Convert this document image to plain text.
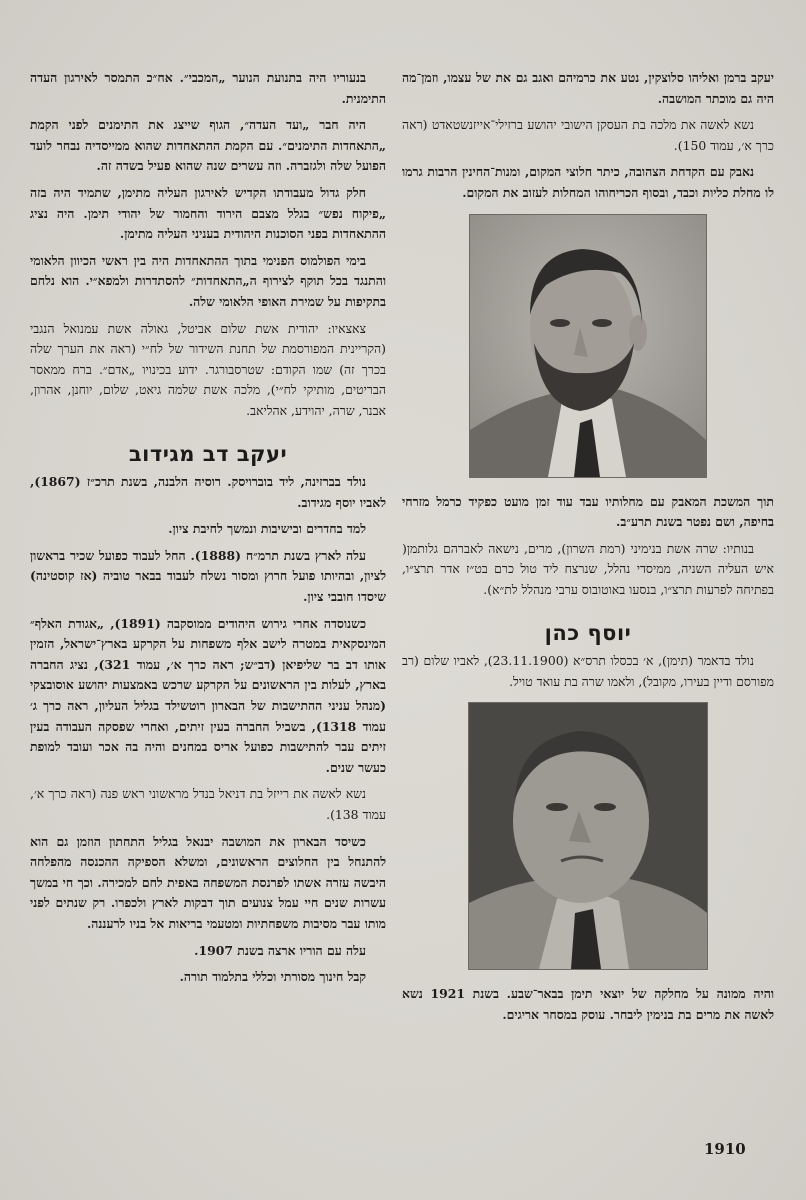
יעקב ברמן ואליהו סלוצקין, נטע את כרמיהם ואגב גם את של עצמו, וזמן־מה היה גם מוכתר המושבה.

נשא לאשה את מלכה בת העסקן הישובי יהושע ברזילי־אייזנשטאדט (ראה כרך א׳, עמוד 150).

נאבק עם הקדחת הצהובה, כיתר חלוצי המקום, ומנות־החינין הרבות גרמו לו מחלת כליות וכבד, ובסוף הכריחוהו המחלות לעזוב את המקום.

תוך המשכת המאבק עם מחלותיו עבד עוד זמן מועט כפקיד כרמל מזרחי בחיפה, ושם נפטר בשנת תרע״ב.

בנותיו: שרה אשת בנימיני (רמת השרון), מרים, נישאה לאברהם גלותמן( איש העליה השניה, ממיסדי נהלל, שנרצח ליד טול כרם בט״ז אדר תרצ״ו, בפתיחה לפרעות תרצ״ו, בנסעו באוטובוס ערבי מנהלל לת״א).

יוסף כהן

נולד בדאמר (תימן), א׳ בכסלו תרס״א (23.11.1900), לאביו שלום (רב מפורסם ודיין בעירו, מקובל), ולאמו שרה בת עואד טויל.

והיה ממונה על מחלקה של יוצאי תימן בבאר־שבע. בשנת 1921 נשא לאשה את מרים בת בנימין ליבחר. עוסק במסחר אריגים.

בנעוריו היה בתנועת הנוער „המכבי״. אח״כ התמסר לאירגון העדה התימנית.

היה חבר „ועד העדה״, הגוף שייצג את התימנים לפני הקמת „התאחדות התימנים״. עם הקמת ההתאחדות שהוא ממייסדיה נבחר לועד הפועל שלה ולגזברה. וזה עשרים שנה שהוא פעיל בשדה זה.

חלק גדול מעבודתו הקדיש לאירגון העליה מתימן, שתמיד היה בזה „פיקוח נפש״ בגלל מצבם הירוד והחמור של יהודי תימן. היה נציג ההתאחדות בפני הסוכנות היהודית בעניני העליה מתימן.

בימי הפולמוס הפנימי בתוך ההתאחדות היה בין ראשי הכיוון הלאומי והתנגד בכל תוקף לצירוף ה„התאחדות״ להסתדרות ולמפא״י. הוא נלחם בתקיפות על שמירת האופי הלאומי שלה.

צאצאיו: יהודית אשת שלום אביטל, גאולה אשת עמנואל הנגבי (הקריינית המפורסמת של תחנת השידור של לח״י (ראה את הערך שלה בכרך זה) שמו הקודם: שטרסבורגר. ידוע בכינויו „אדם״. ברח ממאסר הבריטים, מותיקי לח״י), מלכה אשת שלמה גיאט, שלום, יוחנן, אהרון, אבנר, שרה, יהוידע, אהליאב.

יעקב דב מגידוב

נולד בברזינה, ליד בוברויסק. רוסיה הלבנה, בשנת תרכ״ז (1867), לאביו יוסף מגידוב.

למד בחדרים ובישיבות ונמשך לחיבת ציון.

עלה לארץ בשנת תרמ״ח (1888). החל לעבוד כפועל שכיר בראשון לציון, ובהיותו פועל חרוץ ומסור נשלח לעבוד בבאר טוביה (אז קוסטינה) שיסדו חובבי ציון.

כשנוסדה אחרי גירוש היהודים ממוסקבה (1891), „אגודת האלף״ המינסקאית במטרה לישב אלף משפחות על הקרקע בארץ־ישראל, הזמין אותו דב בר שליפיאן (דב״ש; ראה כרך א׳, עמוד 321), נציג החברה בארץ, לעלות בין הראשונים על הקרקע שרכש באמצעות יהושע אוסובצקי (מנהל עניני ההתישבות של הבארון רוטשילד בגליל העליון, ראה כרך ג׳ עמוד 1318), בשביל החברה בעין זיתים, ואחרי שפסקה העבודה בעין זיתים עבר להתישבות כפועל אריס במחנים והיה בה אכר ועובד למופת כעשר שנים.

נשא לאשה את רייזל בת דניאל בנדל מראשוני ראש פנה (ראה כרך א׳, עמוד 138).

כשיסד הבארון את המושבה יבנאל בגליל התחתון הוזמן גם הוא להתנחל בין החלוצים הראשונים, ומשלא הספיקה ההכנסה מהפלחה היבשה עזרה אשתו לפרנסת המשפחה באפית לחם למכירה. וכך חי במשך עשרות שנים חיי עמל צנועים תוך דבקות לארץ ולכפרו. רק שנתים לפני מותו עבר מסיבות משפחתיות ומטעמי בריאות אל בניו לרעננה.

עלה עם הוריו ארצה בשנת 1907.

קבל חינוך מסורתי וכללי בתלמוד תורה.

1910
